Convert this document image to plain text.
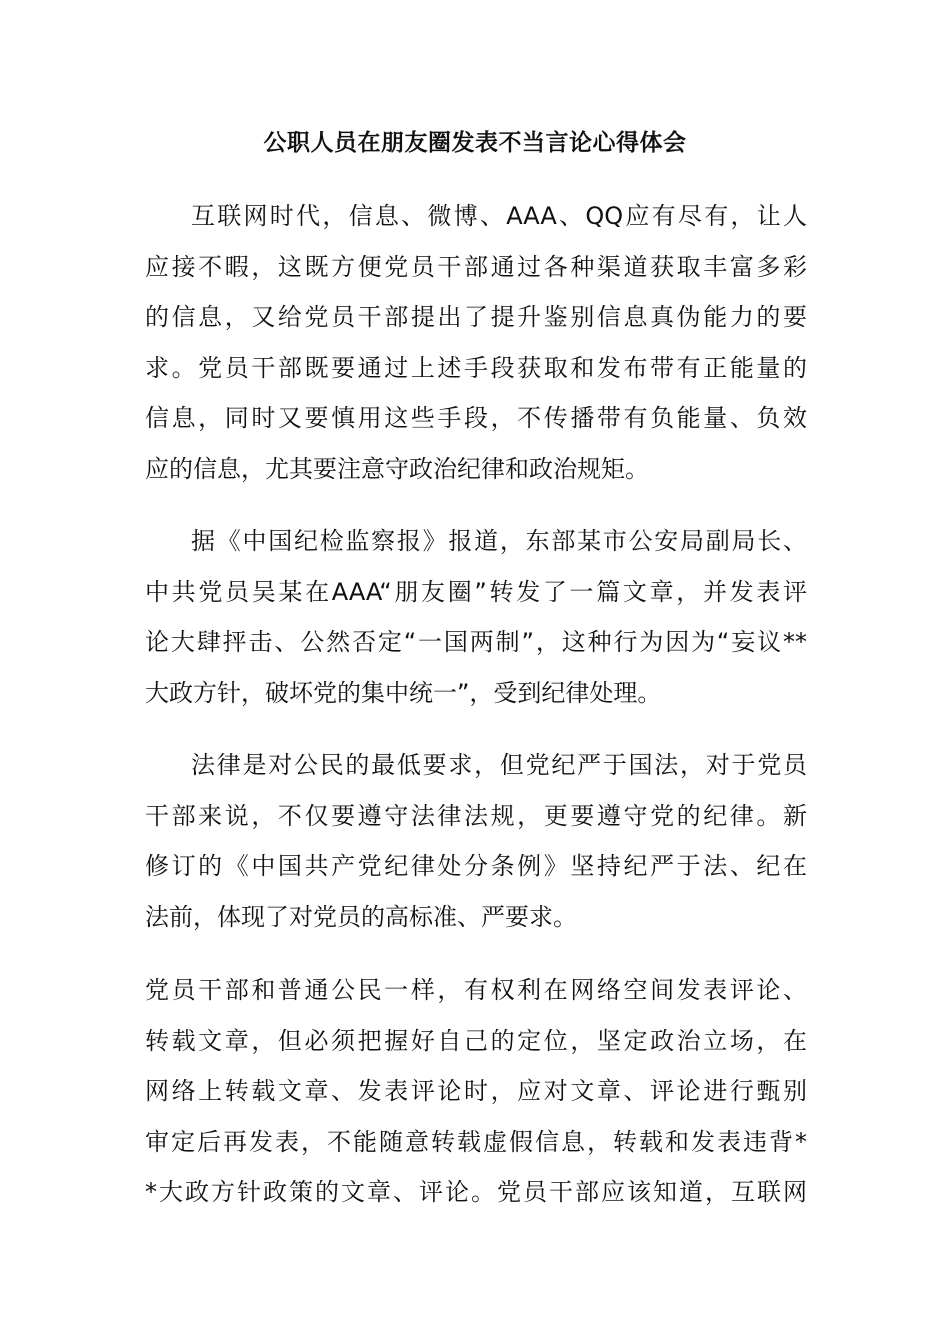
公职人员在朋友圈发表不当言论心得体会
互联网时代，信息、微博、AAA、QQ应有尽有，让人
应接不暇，这既方便党员干部通过各种渠道获取丰富多彩
的信息，又给党员干部提出了提升鉴别信息真伪能力的要
求。党员干部既要通过上述手段获取和发布带有正能量的
信息，同时又要慎用这些手段，不传播带有负能量、负效
应的信息，尤其要注意守政治纪律和政治规矩。
据《中国纪检监察报》报道，东部某市公安局副局长、
中共党员吴某在AAA“朋友圈”转发了一篇文章，并发表评
论大肆抨击、公然否定“一国两制”，这种行为因为“妄议**
大政方针，破坏党的集中统一”，受到纪律处理。
法律是对公民的最低要求，但党纪严于国法，对于党员
干部来说，不仅要遵守法律法规，更要遵守党的纪律。新
修订的《中国共产党纪律处分条例》坚持纪严于法、纪在
法前，体现了对党员的高标准、严要求。
党员干部和普通公民一样，有权利在网络空间发表评论、
转载文章，但必须把握好自己的定位，坚定政治立场，在
网络上转载文章、发表评论时，应对文章、评论进行甄别
审定后再发表，不能随意转载虚假信息，转载和发表违背*
*大政方针政策的文章、评论。党员干部应该知道，互联网
